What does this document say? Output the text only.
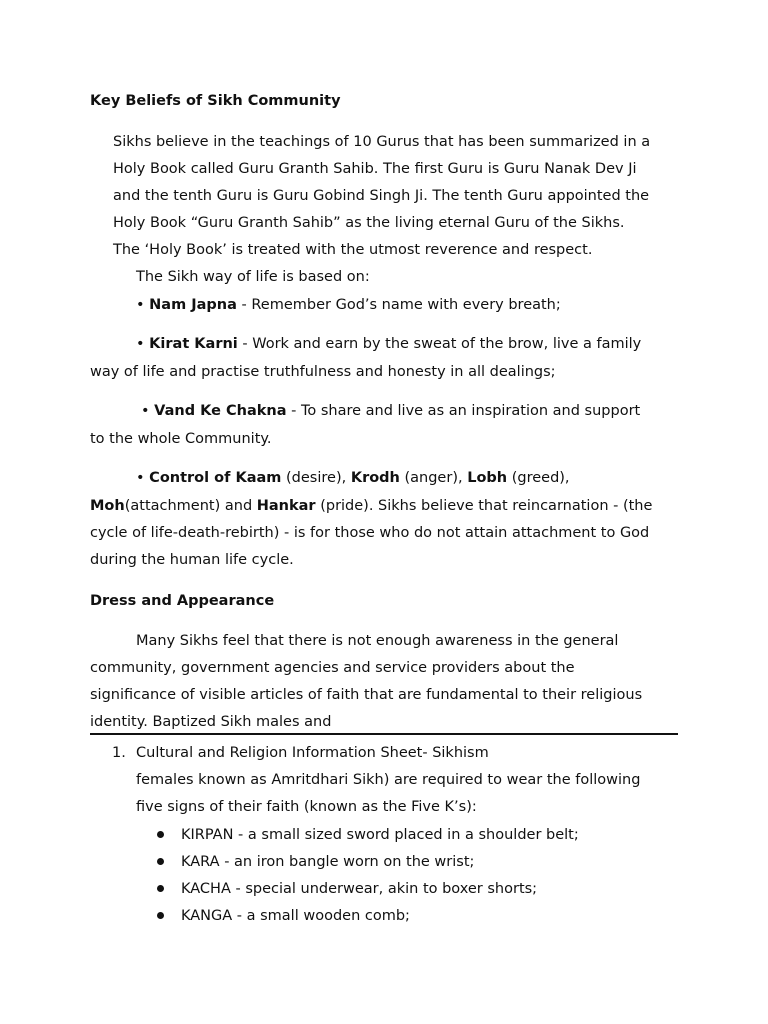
Key Beliefs of Sikh Community
Sikhs believe in the teachings of 10 Gurus that has been summarized in a
Holy Book called Guru Granth Sahib. The first Guru is Guru Nanak Dev Ji
and the tenth Guru is Guru Gobind Singh Ji. The tenth Guru appointed the
Holy Book “Guru Granth Sahib” as the living eternal Guru of the Sikhs.
The ‘Holy Book’ is treated with the utmost reverence and respect.
The Sikh way of life is based on:
• Nam Japna - Remember God’s name with every breath;
• Kirat Karni - Work and earn by the sweat of the brow, live a family
way of life and practise truthfulness and honesty in all dealings;
• Vand Ke Chakna - To share and live as an inspiration and support
to the whole Community.
• Control of Kaam (desire), Krodh (anger), Lobh (greed),
Moh(attachment) and Hankar (pride). Sikhs believe that reincarnation - (the
cycle of life-death-rebirth) - is for those who do not attain attachment to God
during the human life cycle.
Dress and Appearance
Many Sikhs feel that there is not enough awareness in the general
community, government agencies and service providers about the
significance of visible articles of faith that are fundamental to their religious
identity. Baptized Sikh males and
1. Cultural and Religion Information Sheet- Sikhism
females known as Amritdhari Sikh) are required to wear the following
five signs of their faith (known as the Five K’s):
KIRPAN - a small sized sword placed in a shoulder belt;
KARA - an iron bangle worn on the wrist;
KACHA - special underwear, akin to boxer shorts;
KANGA - a small wooden comb;
